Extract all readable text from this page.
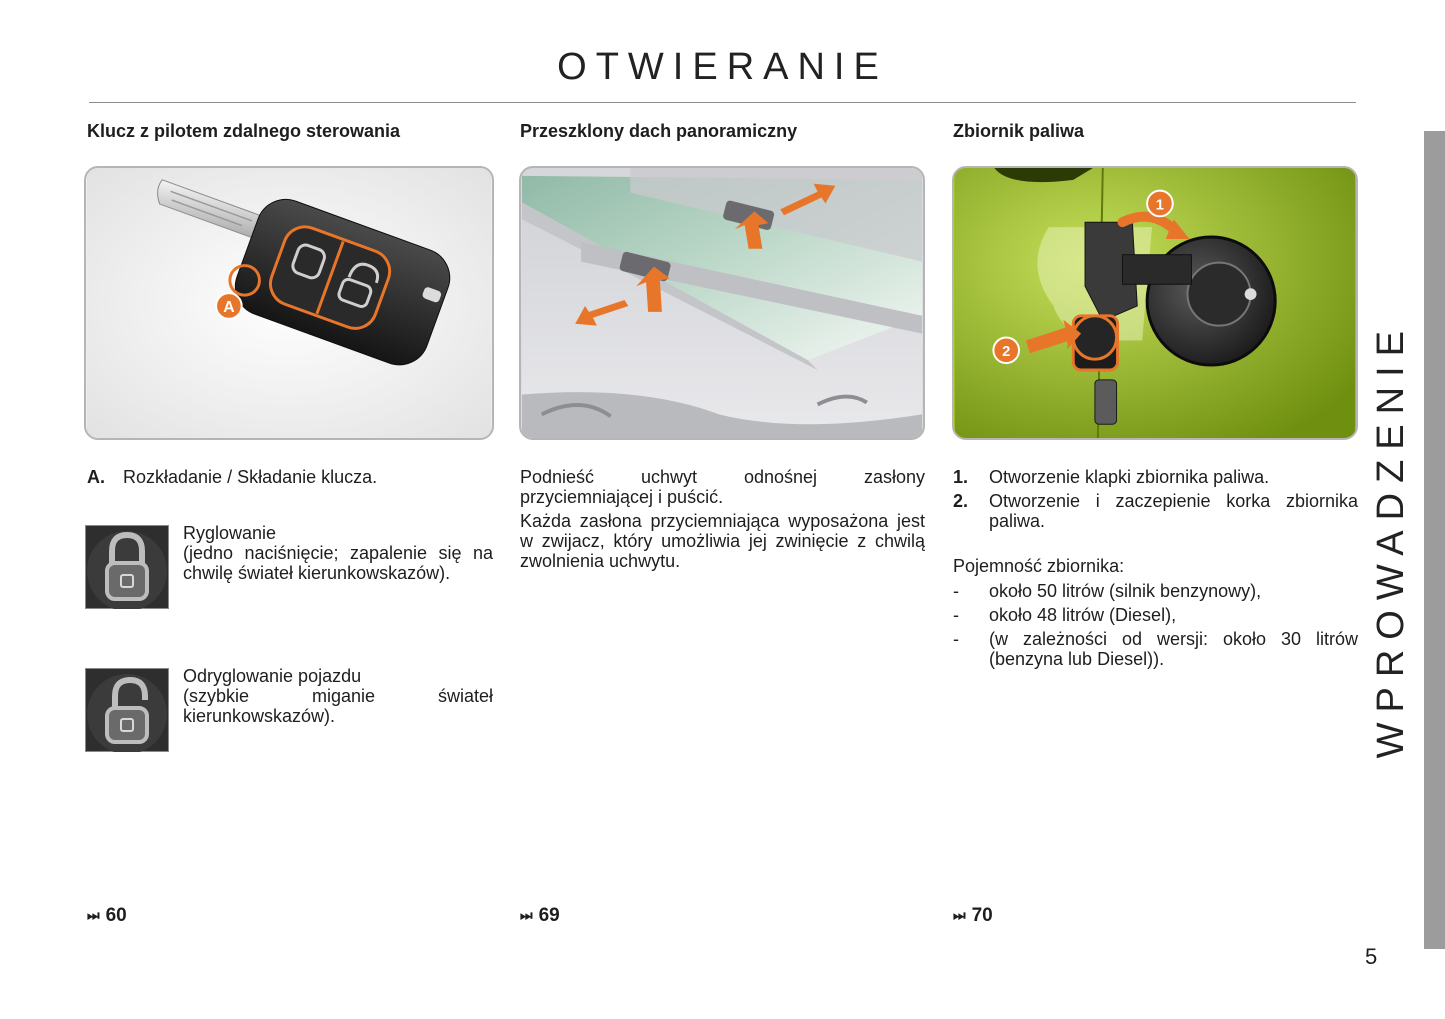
OTWIERANIE
Klucz z pilotem zdalnego sterowania	Przeszklony dach panoramiczny	Zbiornik paliwa
A
1
2
A. Rozkładanie / Składanie klucza.
Ryglowanie
(jedno naciśnięcie; zapalenie się na chwilę świateł kierunkowskazów).
Odryglowanie pojazdu
(szybkie miganie świateł kierunkowskazów).
Podnieść uchwyt odnośnej zasłony przyciemniającej i puścić.
Każda zasłona przyciemniająca wyposażona jest w zwijacz, który umożliwia jej zwinięcie z chwilą zwolnienia uchwytu.
1. Otworzenie klapki zbiornika paliwa.
2. Otworzenie i zaczepienie korka zbiornika paliwa.
Pojemność zbiornika:
- około 50 litrów (silnik benzynowy),
- około 48 litrów (Diesel),
- (w zależności od wersji: około 30 litrów (benzyna lub Diesel)).
⏭ 60	⏭ 69	⏭ 70
WPROWADZENIE
5
